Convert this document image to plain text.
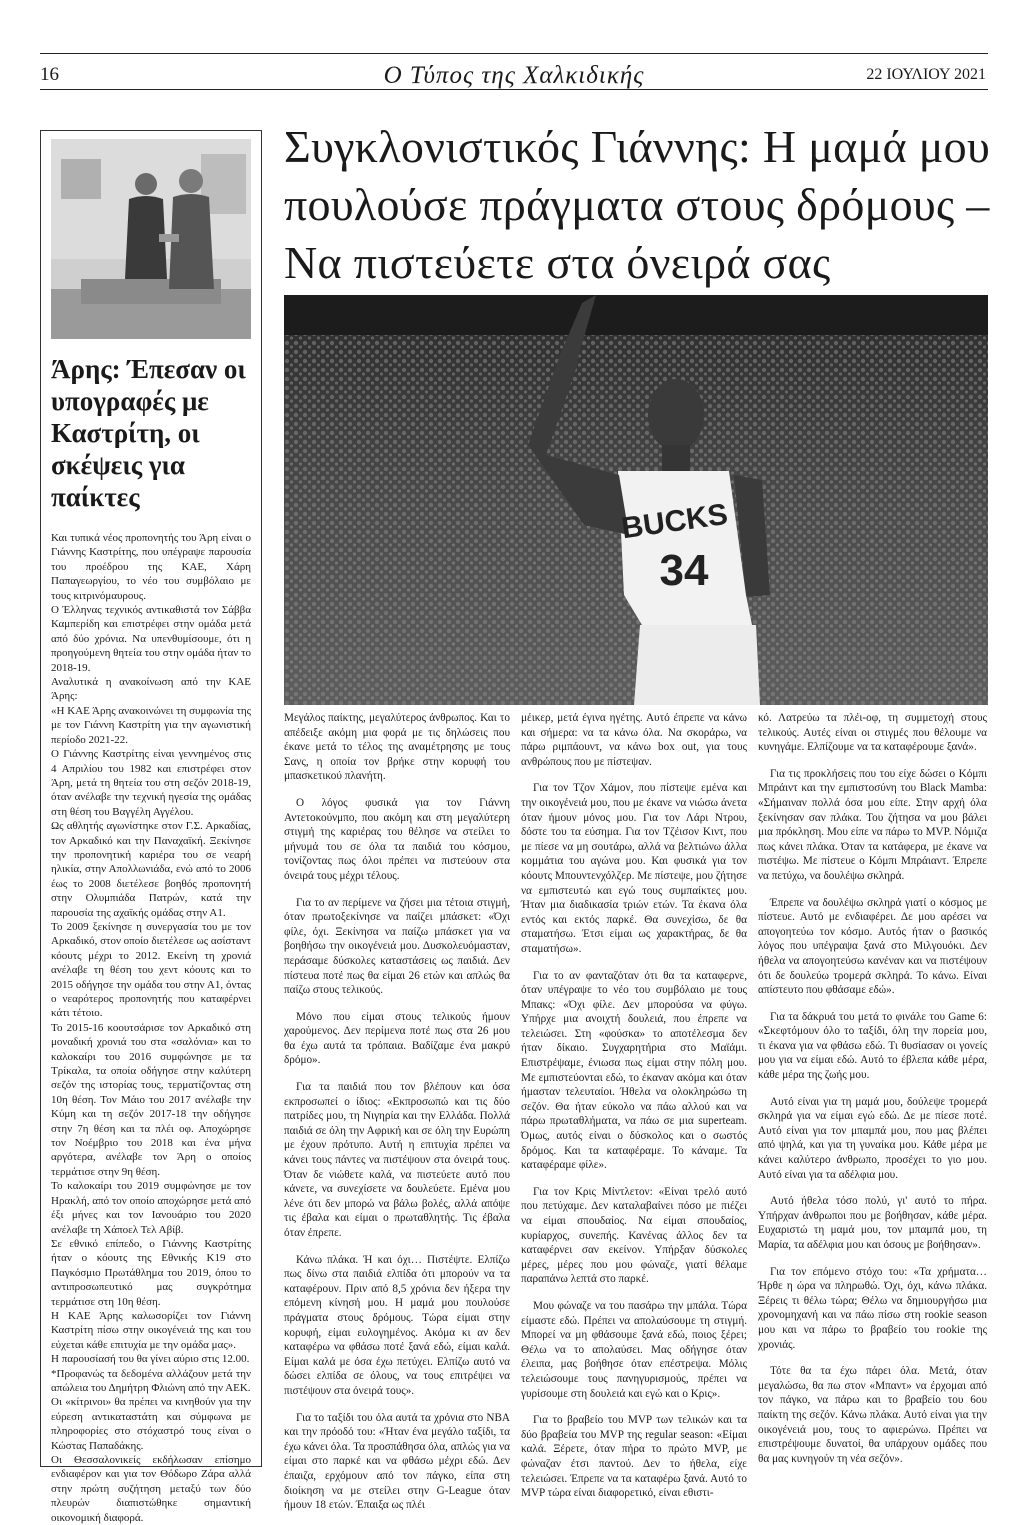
16	Ο Τύπος της Χαλκιδικής	22 ΙΟΥΛΙΟΥ 2021
Άρης: Έπεσαν οι υπογραφές με Καστρίτη, οι σκέψεις για παίκτες

Και τυπικά νέος προπονητής του Άρη είναι ο Γιάννης Καστρίτης, που υπέγραψε παρουσία του προέδρου της ΚΑΕ, Χάρη Παπαγεωργίου, το νέο του συμβόλαιο με τους κιτρινόμαυρους.

Ο Έλληνας τεχνικός αντικαθιστά τον Σάββα Καμπερίδη και επιστρέφει στην ομάδα μετά από δύο χρόνια. Να υπενθυμίσουμε, ότι η προηγούμενη θητεία του στην ομάδα ήταν το 2018-19.

Αναλυτικά η ανακοίνωση από την ΚΑΕ Άρης:

«Η ΚΑΕ Άρης ανακοινώνει τη συμφωνία της με τον Γιάννη Καστρίτη για την αγωνιστική περίοδο 2021-22.

Ο Γιάννης Καστρίτης είναι γεννημένος στις 4 Απριλίου του 1982 και επιστρέφει στον Άρη, μετά τη θητεία του στη σεζόν 2018-19, όταν ανέλαβε την τεχνική ηγεσία της ομάδας στη θέση του Βαγγέλη Αγγέλου.

Ως αθλητής αγωνίστηκε στον Γ.Σ. Αρκαδίας, τον Αρκαδικό και την Παναχαϊκή. Ξεκίνησε την προπονητική καριέρα του σε νεαρή ηλικία, στην Απολλωνιάδα, ενώ από το 2006 έως το 2008 διετέλεσε βοηθός προπονητή στην Ολυμπιάδα Πατρών, κατά την παρουσία της αχαϊκής ομάδας στην Α1.

Το 2009 ξεκίνησε η συνεργασία του με τον Αρκαδικό, στον οποίο διετέλεσε ως ασίσταντ κόουτς μέχρι το 2012. Εκείνη τη χρονιά ανέλαβε τη θέση του χεντ κόουτς και το 2015 οδήγησε την ομάδα του στην Α1, όντας ο νεαρότερος προπονητής που καταφέρνει κάτι τέτοιο.

Το 2015-16 κοουτσάρισε τον Αρκαδικό στη μοναδική χρονιά του στα «σαλόνια» και το καλοκαίρι του 2016 συμφώνησε με τα Τρίκαλα, τα οποία οδήγησε στην καλύτερη σεζόν της ιστορίας τους, τερματίζοντας στη 10η θέση. Τον Μάιο του 2017 ανέλαβε την Κύμη και τη σεζόν 2017-18 την οδήγησε στην 7η θέση και τα πλέι οφ. Αποχώρησε τον Νοέμβριο του 2018 και ένα μήνα αργότερα, ανέλαβε τον Άρη ο οποίος τερμάτισε στην 9η θέση.

Το καλοκαίρι του 2019 συμφώνησε με τον Ηρακλή, από τον οποίο αποχώρησε μετά από έξι μήνες και τον Ιανουάριο του 2020 ανέλαβε τη Χάποελ Τελ Αβίβ.

Σε εθνικό επίπεδο, ο Γιάννης Καστρίτης ήταν ο κόουτς της Εθνικής Κ19 στο Παγκόσμιο Πρωτάθλημα του 2019, όπου το αντιπροσωπευτικό μας συγκρότημα τερμάτισε στη 10η θέση.

Η ΚΑΕ Άρης καλωσορίζει τον Γιάννη Καστρίτη πίσω στην οικογένειά της και του εύχεται κάθε επιτυχία με την ομάδα μας».

Η παρουσίασή του θα γίνει αύριο στις 12.00.

*Προφανώς τα δεδομένα αλλάζουν μετά την απώλεια του Δημήτρη Φλιώνη από την ΑΕΚ.

Οι «κίτρινοι» θα πρέπει να κινηθούν για την εύρεση αντικαταστάτη και σύμφωνα με πληροφορίες στο στόχαστρό τους είναι ο Κώστας Παπαδάκης.

Οι Θεσσαλονικείς εκδήλωσαν επίσημο ενδιαφέρον και για τον Θόδωρο Ζάρα αλλά στην πρώτη συζήτηση μεταξύ των δύο πλευρών διαπιστώθηκε σημαντική οικονομική διαφορά.

Συγκλονιστικός Γιάννης: Η μαμά μου πουλούσε πράγματα στους δρόμους – Να πιστεύετε στα όνειρά σας
BUCKS
34

Μεγάλος παίκτης, μεγαλύτερος άνθρωπος. Και το απέδειξε ακόμη μια φορά με τις δηλώσεις που έκανε μετά το τέλος της αναμέτρησης με τους Σανς, η οποία τον βρήκε στην κορυφή του μπασκετικού πλανήτη.

Ο λόγος φυσικά για τον Γιάννη Αντετοκούνμπο, που ακόμη και στη μεγαλύτερη στιγμή της καριέρας του θέλησε να στείλει το μήνυμά του σε όλα τα παιδιά του κόσμου, τονίζοντας πως όλοι πρέπει να πιστεύουν στα όνειρά τους μέχρι τέλους.

Για το αν περίμενε να ζήσει μια τέτοια στιγμή, όταν πρωτοξεκίνησε να παίζει μπάσκετ: «Όχι φίλε, όχι. Ξεκίνησα να παίζω μπάσκετ για να βοηθήσω την οικογένειά μου. Δυσκολευόμασταν, περάσαμε δύσκολες καταστάσεις ως παιδιά. Δεν πίστευα ποτέ πως θα είμαι 26 ετών και απλώς θα παίζω στους τελικούς.

Μόνο που είμαι στους τελικούς ήμουν χαρούμενος. Δεν περίμενα ποτέ πως στα 26 μου θα έχω αυτά τα τρόπαια. Βαδίζαμε ένα μακρύ δρόμο».

Για τα παιδιά που τον βλέπουν και όσα εκπροσωπεί ο ίδιος: «Εκπροσωπώ και τις δύο πατρίδες μου, τη Νιγηρία και την Ελλάδα. Πολλά παιδιά σε όλη την Αφρική και σε όλη την Ευρώπη με έχουν πρότυπο. Αυτή η επιτυχία πρέπει να κάνει τους πάντες να πιστέψουν στα όνειρά τους. Όταν δε νιώθετε καλά, να πιστεύετε αυτό που κάνετε, να συνεχίσετε να δουλεύετε. Εμένα μου λένε ότι δεν μπορώ να βάλω βολές, αλλά απόψε τις έβαλα και είμαι ο πρωταθλητής. Τις έβαλα όταν έπρεπε.

Κάνω πλάκα. Ή και όχι… Πιστέψτε. Ελπίζω πως δίνω στα παιδιά ελπίδα ότι μπορούν να τα καταφέρουν. Πριν από 8,5 χρόνια δεν ήξερα την επόμενη κίνησή μου. Η μαμά μου πουλούσε πράγματα στους δρόμους. Τώρα είμαι στην κορυφή, είμαι ευλογημένος. Ακόμα κι αν δεν καταφέρω να φθάσω ποτέ ξανά εδώ, είμαι καλά. Είμαι καλά με όσα έχω πετύχει. Ελπίζω αυτό να δώσει ελπίδα σε όλους, να τους επιτρέψει να πιστέψουν στα όνειρά τους».

Για το ταξίδι του όλα αυτά τα χρόνια στο NBA και την πρόοδό του: «Ήταν ένα μεγάλο ταξίδι, τα έχω κάνει όλα. Τα προσπάθησα όλα, απλώς για να είμαι στο παρκέ και να φθάσω μέχρι εδώ. Δεν έπαιζα, ερχόμουν από τον πάγκο, είπα στη διοίκηση να με στείλει στην G-League όταν ήμουν 18 ετών. Έπαιξα ως πλέι

μέικερ, μετά έγινα ηγέτης. Αυτό έπρεπε να κάνω και σήμερα: να τα κάνω όλα. Να σκοράρω, να πάρω ριμπάουντ, να κάνω box out, για τους ανθρώπους που με πίστεψαν.

Για τον Τζον Χάμον, που πίστεψε εμένα και την οικογένειά μου, που με έκανε να νιώσω άνετα όταν ήμουν μόνος μου. Για τον Λάρι Ντρου, δόστε του τα εύσημα. Για τον Τζέισον Κιντ, που με πίεσε να μη σουτάρω, αλλά να βελτιώνω άλλα κομμάτια του αγώνα μου. Και φυσικά για τον κόουτς Μπουντενχόλζερ. Με πίστεψε, μου ζήτησε να εμπιστευτώ και εγώ τους συμπαίκτες μου. Ήταν μια διαδικασία τριών ετών. Τα έκανα όλα εντός και εκτός παρκέ. Θα συνεχίσω, δε θα σταματήσω. Έτσι είμαι ως χαρακτήρας, δε θα σταματήσω».

Για το αν φανταζόταν ότι θα τα καταφερνε, όταν υπέγραψε το νέο του συμβόλαιο με τους Μπακς: «Όχι φίλε. Δεν μπορούσα να φύγω. Υπήρχε μια ανοιχτή δουλειά, που έπρεπε να τελειώσει. Στη «φούσκα» το αποτέλεσμα δεν ήταν δίκαιο. Συγχαρητήρια στο Μαϊάμι. Επιστρέψαμε, ένιωσα πως είμαι στην πόλη μου. Με εμπιστεύονται εδώ, το έκαναν ακόμα και όταν ήμασταν τελευταίοι. Ήθελα να ολοκληρώσω τη σεζόν. Θα ήταν εύκολο να πάω αλλού και να πάρω πρωταθλήματα, να πάω σε μια superteam. Όμως, αυτός είναι ο δύσκολος και ο σωστός δρόμος. Και τα καταφέραμε. Το κάναμε. Τα καταφέραμε φίλε».

Για τον Κρις Μίντλετον: «Είναι τρελό αυτό που πετύχαμε. Δεν καταλαβαίνει πόσο με πιέζει να είμαι σπουδαίος. Να είμαι σπουδαίος, κυρίαρχος, συνεπής. Κανένας άλλος δεν τα καταφέρνει σαν εκείνον. Υπήρξαν δύσκολες μέρες, μέρες που μου φώναζε, γιατί θέλαμε παραπάνω λεπτά στο παρκέ.

Μου φώναζε να του πασάρω την μπάλα. Τώρα είμαστε εδώ. Πρέπει να απολαύσουμε τη στιγμή. Μπορεί να μη φθάσουμε ξανά εδώ, ποιος ξέρει; Θέλω να το απολαύσει. Μας οδήγησε όταν έλειπα, μας βοήθησε όταν επέστρεψα. Μόλις τελειώσουμε τους πανηγυρισμούς, πρέπει να γυρίσουμε στη δουλειά και εγώ και ο Κρις».

Για το βραβείο του MVP των τελικών και τα δύο βραβεία του MVP της regular season: «Είμαι καλά. Ξέρετε, όταν πήρα το πρώτο MVP, με φώναζαν έτσι παντού. Δεν το ήθελα, είχε τελειώσει. Έπρεπε να τα καταφέρω ξανά. Αυτό το MVP τώρα είναι διαφορετικό, είναι εθιστι-

κό. Λατρεύω τα πλέι-οφ, τη συμμετοχή στους τελικούς. Αυτές είναι οι στιγμές που θέλουμε να κυνηγάμε. Ελπίζουμε να τα καταφέρουμε ξανά».

Για τις προκλήσεις που του είχε δώσει ο Κόμπι Μπράιντ και την εμπιστοσύνη του Black Mamba: «Σήμαιναν πολλά όσα μου είπε. Στην αρχή όλα ξεκίνησαν σαν πλάκα. Του ζήτησα να μου βάλει μια πρόκληση. Μου είπε να πάρω το MVP. Νόμιζα πως κάνει πλάκα. Όταν τα κατάφερα, με έκανε να πιστέψω. Με πίστευε ο Κόμπι Μπράιαντ. Έπρεπε να πετύχω, να δουλέψω σκληρά.

Έπρεπε να δουλέψω σκληρά γιατί ο κόσμος με πίστευε. Αυτό με ενδιαφέρει. Δε μου αρέσει να απογοητεύω τον κόσμο. Αυτός ήταν ο βασικός λόγος που υπέγραψα ξανά στο Μιλγουόκι. Δεν ήθελα να απογοητεύσω κανέναν και να πιστέψουν ότι δε δουλεύω τρομερά σκληρά. Το κάνω. Είναι απίστευτο που φθάσαμε εδώ».

Για τα δάκρυά του μετά το φινάλε του Game 6: «Σκεφτόμουν όλο το ταξίδι, όλη την πορεία μου, τι έκανα για να φθάσω εδώ. Τι θυσίασαν οι γονείς μου για να είμαι εδώ. Αυτό το έβλεπα κάθε μέρα, κάθε μέρα της ζωής μου.

Αυτό είναι για τη μαμά μου, δούλεψε τρομερά σκληρά για να είμαι εγώ εδώ. Δε με πίεσε ποτέ. Αυτό είναι για τον μπαμπά μου, που μας βλέπει από ψηλά, και για τη γυναίκα μου. Κάθε μέρα με κάνει καλύτερο άνθρωπο, προσέχει το γιο μου. Αυτό είναι για τα αδέλφια μου.

Αυτό ήθελα τόσο πολύ, γι' αυτό το πήρα. Υπήρχαν άνθρωποι που με βοήθησαν, κάθε μέρα. Ευχαριστώ τη μαμά μου, τον μπαμπά μου, τη Μαρία, τα αδέλφια μου και όσους με βοήθησαν».

Για τον επόμενο στόχο του: «Τα χρήματα… Ήρθε η ώρα να πληρωθώ. Όχι, όχι, κάνω πλάκα. Ξέρεις τι θέλω τώρα; Θέλω να δημιουργήσω μια χρονομηχανή και να πάω πίσω στη rookie season μου και να πάρω το βραβείο του rookie της χρονιάς.

Τότε θα τα έχω πάρει όλα. Μετά, όταν μεγαλώσω, θα πω στον «Μπαντ» να έρχομαι από τον πάγκο, να πάρω και το βραβείο του 6ου παίκτη της σεζόν. Κάνω πλάκα. Αυτό είναι για την οικογένειά μου, τους το αφιερώνω. Πρέπει να επιστρέψουμε δυνατοί, θα υπάρχουν ομάδες που θα μας κυνηγούν τη νέα σεζόν».
